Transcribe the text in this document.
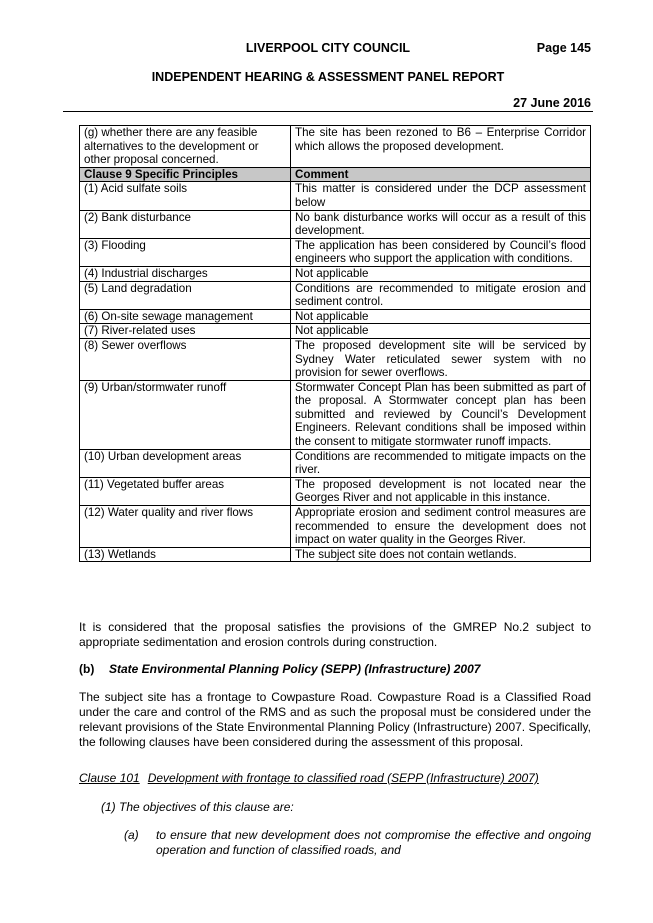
LIVERPOOL CITY COUNCIL	Page 145
INDEPENDENT HEARING & ASSESSMENT PANEL REPORT
27 June 2016
(g) whether there are any feasible alternatives to the development or other proposal concerned.	The site has been rezoned to B6 – Enterprise Corridor which allows the proposed development.
Clause 9 Specific Principles	Comment
(1) Acid sulfate soils	This matter is considered under the DCP assessment below
(2) Bank disturbance	No bank disturbance works will occur as a result of this development.
(3) Flooding	The application has been considered by Council’s flood engineers who support the application with conditions.
(4) Industrial discharges	Not applicable
(5) Land degradation	Conditions are recommended to mitigate erosion and sediment control.
(6) On-site sewage management	Not applicable
(7) River-related uses	Not applicable
(8) Sewer overflows	The proposed development site will be serviced by Sydney Water reticulated sewer system with no provision for sewer overflows.
(9) Urban/stormwater runoff	Stormwater Concept Plan has been submitted as part of the proposal. A Stormwater concept plan has been submitted and reviewed by Council’s Development Engineers. Relevant conditions shall be imposed within the consent to mitigate stormwater runoff impacts.
(10) Urban development areas	Conditions are recommended to mitigate impacts on the river.
(11) Vegetated buffer areas	The proposed development is not located near the Georges River and not applicable in this instance.
(12) Water quality and river flows	Appropriate erosion and sediment control measures are recommended to ensure the development does not impact on water quality in the Georges River.
(13) Wetlands	The subject site does not contain wetlands.

It is considered that the proposal satisfies the provisions of the GMREP No.2 subject to appropriate sedimentation and erosion controls during construction.

(b) State Environmental Planning Policy (SEPP) (Infrastructure) 2007

The subject site has a frontage to Cowpasture Road. Cowpasture Road is a Classified Road under the care and control of the RMS and as such the proposal must be considered under the relevant provisions of the State Environmental Planning Policy (Infrastructure) 2007. Specifically, the following clauses have been considered during the assessment of this proposal.

Clause 101 Development with frontage to classified road (SEPP (Infrastructure) 2007)
(1) The objectives of this clause are:
(a) to ensure that new development does not compromise the effective and ongoing operation and function of classified roads, and
